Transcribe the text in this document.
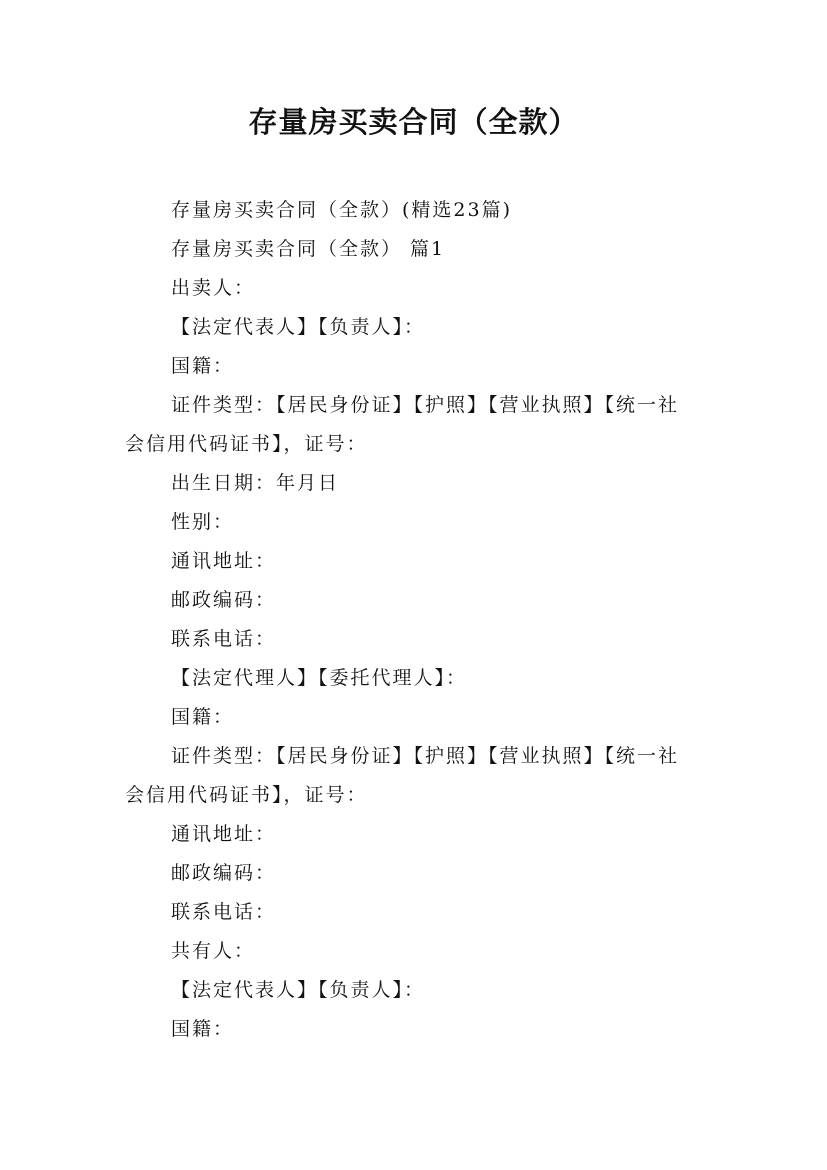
存量房买卖合同（全款）
存量房买卖合同（全款）(精选23篇)
存量房买卖合同（全款） 篇1
出卖人：
【法定代表人】【负责人】：
国籍：
证件类型：【居民身份证】【护照】【营业执照】【统一社
会信用代码证书】，证号：
出生日期：年月日
性别：
通讯地址：
邮政编码：
联系电话：
【法定代理人】【委托代理人】：
国籍：
证件类型：【居民身份证】【护照】【营业执照】【统一社
会信用代码证书】，证号：
通讯地址：
邮政编码：
联系电话：
共有人：
【法定代表人】【负责人】：
国籍：
